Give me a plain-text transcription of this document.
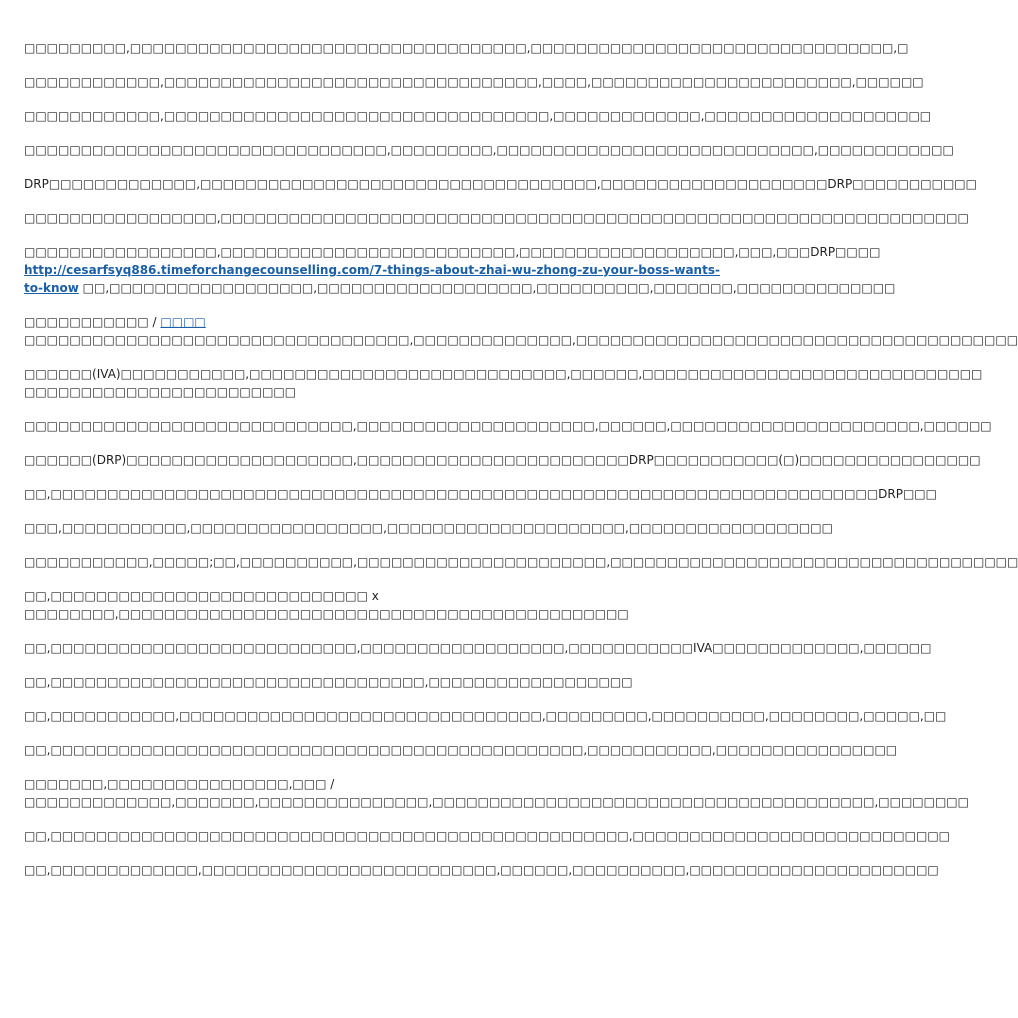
□□□□□□□□□,□□□□□□□□□□□□□□□□□□□□□□□□□□□□□□□□□□□,□□□□□□□□□□□□□□□□□□□□□□□□□□□□□□□□,□

□□□□□□□□□□□□,□□□□□□□□□□□□□□□□□□□□□□□□□□□□□□□□□,□□□□,□□□□□□□□□□□□□□□□□□□□□□□,□□□□□□

□□□□□□□□□□□□,□□□□□□□□□□□□□□□□□□□□□□□□□□□□□□□□□□,□□□□□□□□□□□□□,□□□□□□□□□□□□□□□□□□□□

□□□□□□□□□□□□□□□□□□□□□□□□□□□□□□□□,□□□□□□□□□,□□□□□□□□□□□□□□□□□□□□□□□□□□□□,□□□□□□□□□□□□

DRP□□□□□□□□□□□□□,□□□□□□□□□□□□□□□□□□□□□□□□□□□□□□□□□□□,□□□□□□□□□□□□□□□□□□□□DRP□□□□□□□□□□□

□□□□□□□□□□□□□□□□□,□□□□□□□□□□□□□□□□□□□□□□□□□□□□□□□□□□□□□□□□□□□□□□□□□□□□□□□□□□□□□□□□□□

□□□□□□□□□□□□□□□□□,□□□□□□□□□□□□□□□□□□□□□□□□□□,□□□□□□□□□□□□□□□□□□□,□□□,□□□DRP□□□□
http://cesarfsyq886.timeforchangecounselling.com/7-things-about-zhai-wu-zhong-zu-your-boss-wants-
to-know □□,□□□□□□□□□□□□□□□□□□,□□□□□□□□□□□□□□□□□□□,□□□□□□□□□□,□□□□□□□,□□□□□□□□□□□□□□
□□□□□□□□□□□ / □□□□
□□□□□□□□□□□□□□□□□□□□□□□□□□□□□□□□□□,□□□□□□□□□□□□□□,□□□□□□□□□□□□□□□□□□□□□□□□□□□□□□□□□□□□□□□
□□□□□□(IVA)□□□□□□□□□□□,□□□□□□□□□□□□□□□□□□□□□□□□□□□□,□□□□□□,□□□□□□□□□□□□□□□□□□□□□□□□□□□□□□
□□□□□□□□□□□□□□□□□□□□□□□□

□□□□□□□□□□□□□□□□□□□□□□□□□□□□□,□□□□□□□□□□□□□□□□□□□□□,□□□□□□,□□□□□□□□□□□□□□□□□□□□□□,□□□□□□

□□□□□□(DRP)□□□□□□□□□□□□□□□□□□□□,□□□□□□□□□□□□□□□□□□□□□□□□DRP□□□□□□□□□□□(□)□□□□□□□□□□□□□□□□

□□,□□□□□□□□□□□□□□□□□□□□□□□□□□□□□□□□□□□□□□□□□□□□□□□□□□□□□□□□□□□□□□□□□□□□□□□□□DRP□□□

□□□,□□□□□□□□□□□,□□□□□□□□□□□□□□□□□,□□□□□□□□□□□□□□□□□□□□□,□□□□□□□□□□□□□□□□□□

□□□□□□□□□□□,□□□□□;□□,□□□□□□□□□□,□□□□□□□□□□□□□□□□□□□□□□,□□□□□□□□□□□□□□□□□□□□□□□□□□□□□□□□□□□□

□□,□□□□□□□□□□□□□□□□□□□□□□□□□□□□ x
□□□□□□□□,□□□□□□□□□□□□□□□□□□□□□□□□□□□□□□□□□□□□□□□□□□□□□

□□,□□□□□□□□□□□□□□□□□□□□□□□□□□□,□□□□□□□□□□□□□□□□□□,□□□□□□□□□□□IVA□□□□□□□□□□□□□,□□□□□□

□□,□□□□□□□□□□□□□□□□□□□□□□□□□□□□□□□□□,□□□□□□□□□□□□□□□□□□

□□,□□□□□□□□□□□,□□□□□□□□□□□□□□□□□□□□□□□□□□□□□□□□,□□□□□□□□□,□□□□□□□□□□,□□□□□□□□,□□□□□,□□

□□,□□□□□□□□□□□□□□□□□□□□□□□□□□□□□□□□□□□□□□□□□□□□□□□,□□□□□□□□□□□,□□□□□□□□□□□□□□□□

□□□□□□□,□□□□□□□□□□□□□□□□,□□□ /
□□□□□□□□□□□□□,□□□□□□□,□□□□□□□□□□□□□□□,□□□□□□□□□□□□□□□□□□□□□□□□□□□□□□□□□□□□□□□,□□□□□□□□

□□,□□□□□□□□□□□□□□□□□□□□□□□□□□□□□□□□□□□□□□□□□□□□□□□□□□□,□□□□□□□□□□□□□□□□□□□□□□□□□□□□

□□,□□□□□□□□□□□□□,□□□□□□□□□□□□□□□□□□□□□□□□□□,□□□□□□,□□□□□□□□□□,□□□□□□□□□□□□□□□□□□□□□□
